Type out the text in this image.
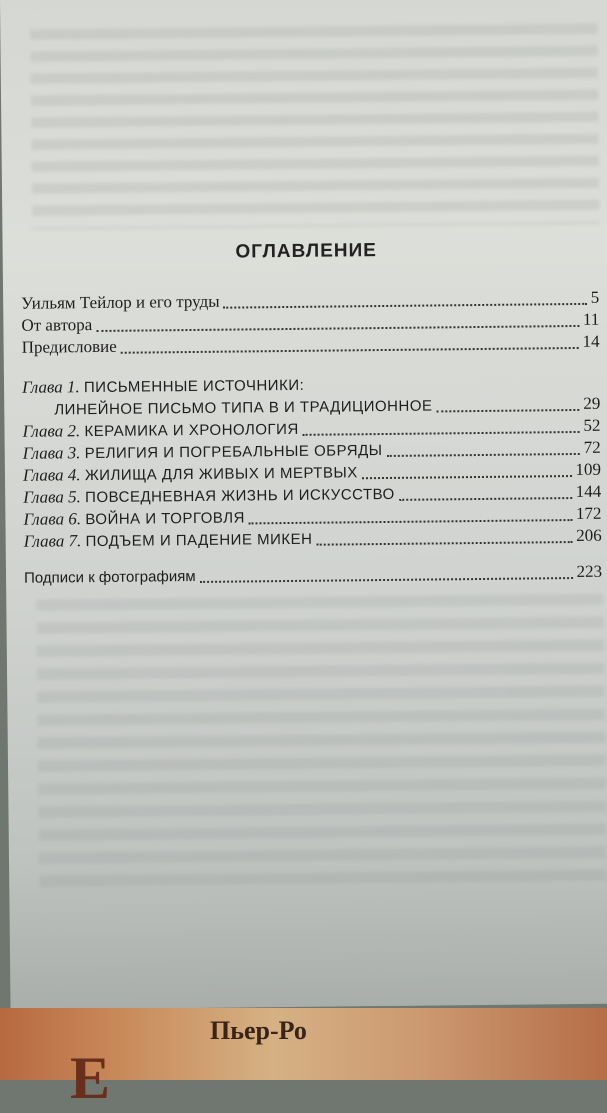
ОГЛАВЛЕНИЕ
Уильям Тейлор и его труды	5
От автора	11
Предисловие	14
Глава 1. ПИСЬМЕННЫЕ ИСТОЧНИКИ:
ЛИНЕЙНОЕ ПИСЬМО ТИПА В И ТРАДИЦИОННОЕ	29
Глава 2. КЕРАМИКА И ХРОНОЛОГИЯ	52
Глава 3. РЕЛИГИЯ И ПОГРЕБАЛЬНЫЕ ОБРЯДЫ	72
Глава 4. ЖИЛИЩА ДЛЯ ЖИВЫХ И МЕРТВЫХ	109
Глава 5. ПОВСЕДНЕВНАЯ ЖИЗНЬ И ИСКУССТВО	144
Глава 6. ВОЙНА И ТОРГОВЛЯ	172
Глава 7. ПОДЪЕМ И ПАДЕНИЕ МИКЕН	206
Подписи к фотографиям	223
Е
Пьер-Ро
